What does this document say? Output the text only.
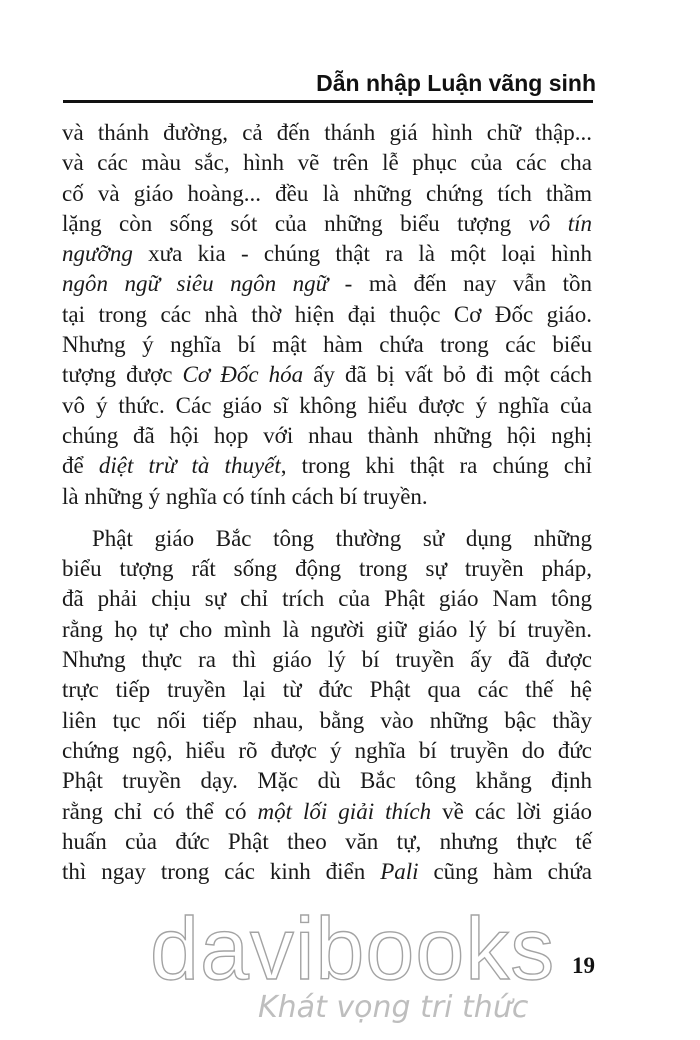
Dẫn nhập Luận vãng sinh
và thánh đường, cả đến thánh giá hình chữ thập...
và các màu sắc, hình vẽ trên lễ phục của các cha
cố và giáo hoàng... đều là những chứng tích thầm
lặng còn sống sót của những biểu tượng vô tín
ngưỡng xưa kia - chúng thật ra là một loại hình
ngôn ngữ siêu ngôn ngữ - mà đến nay vẫn tồn
tại trong các nhà thờ hiện đại thuộc Cơ Đốc giáo.
Nhưng ý nghĩa bí mật hàm chứa trong các biểu
tượng được Cơ Đốc hóa ấy đã bị vất bỏ đi một cách
vô ý thức. Các giáo sĩ không hiểu được ý nghĩa của
chúng đã hội họp với nhau thành những hội nghị
để diệt trừ tà thuyết, trong khi thật ra chúng chỉ
là những ý nghĩa có tính cách bí truyền.
Phật giáo Bắc tông thường sử dụng những
biểu tượng rất sống động trong sự truyền pháp,
đã phải chịu sự chỉ trích của Phật giáo Nam tông
rằng họ tự cho mình là người giữ giáo lý bí truyền.
Nhưng thực ra thì giáo lý bí truyền ấy đã được
trực tiếp truyền lại từ đức Phật qua các thế hệ
liên tục nối tiếp nhau, bằng vào những bậc thầy
chứng ngộ, hiểu rõ được ý nghĩa bí truyền do đức
Phật truyền dạy. Mặc dù Bắc tông khẳng định
rằng chỉ có thể có một lối giải thích về các lời giáo
huấn của đức Phật theo văn tự, nhưng thực tế
thì ngay trong các kinh điển Pali cũng hàm chứa
19
davibooks
Khát vọng tri thức
